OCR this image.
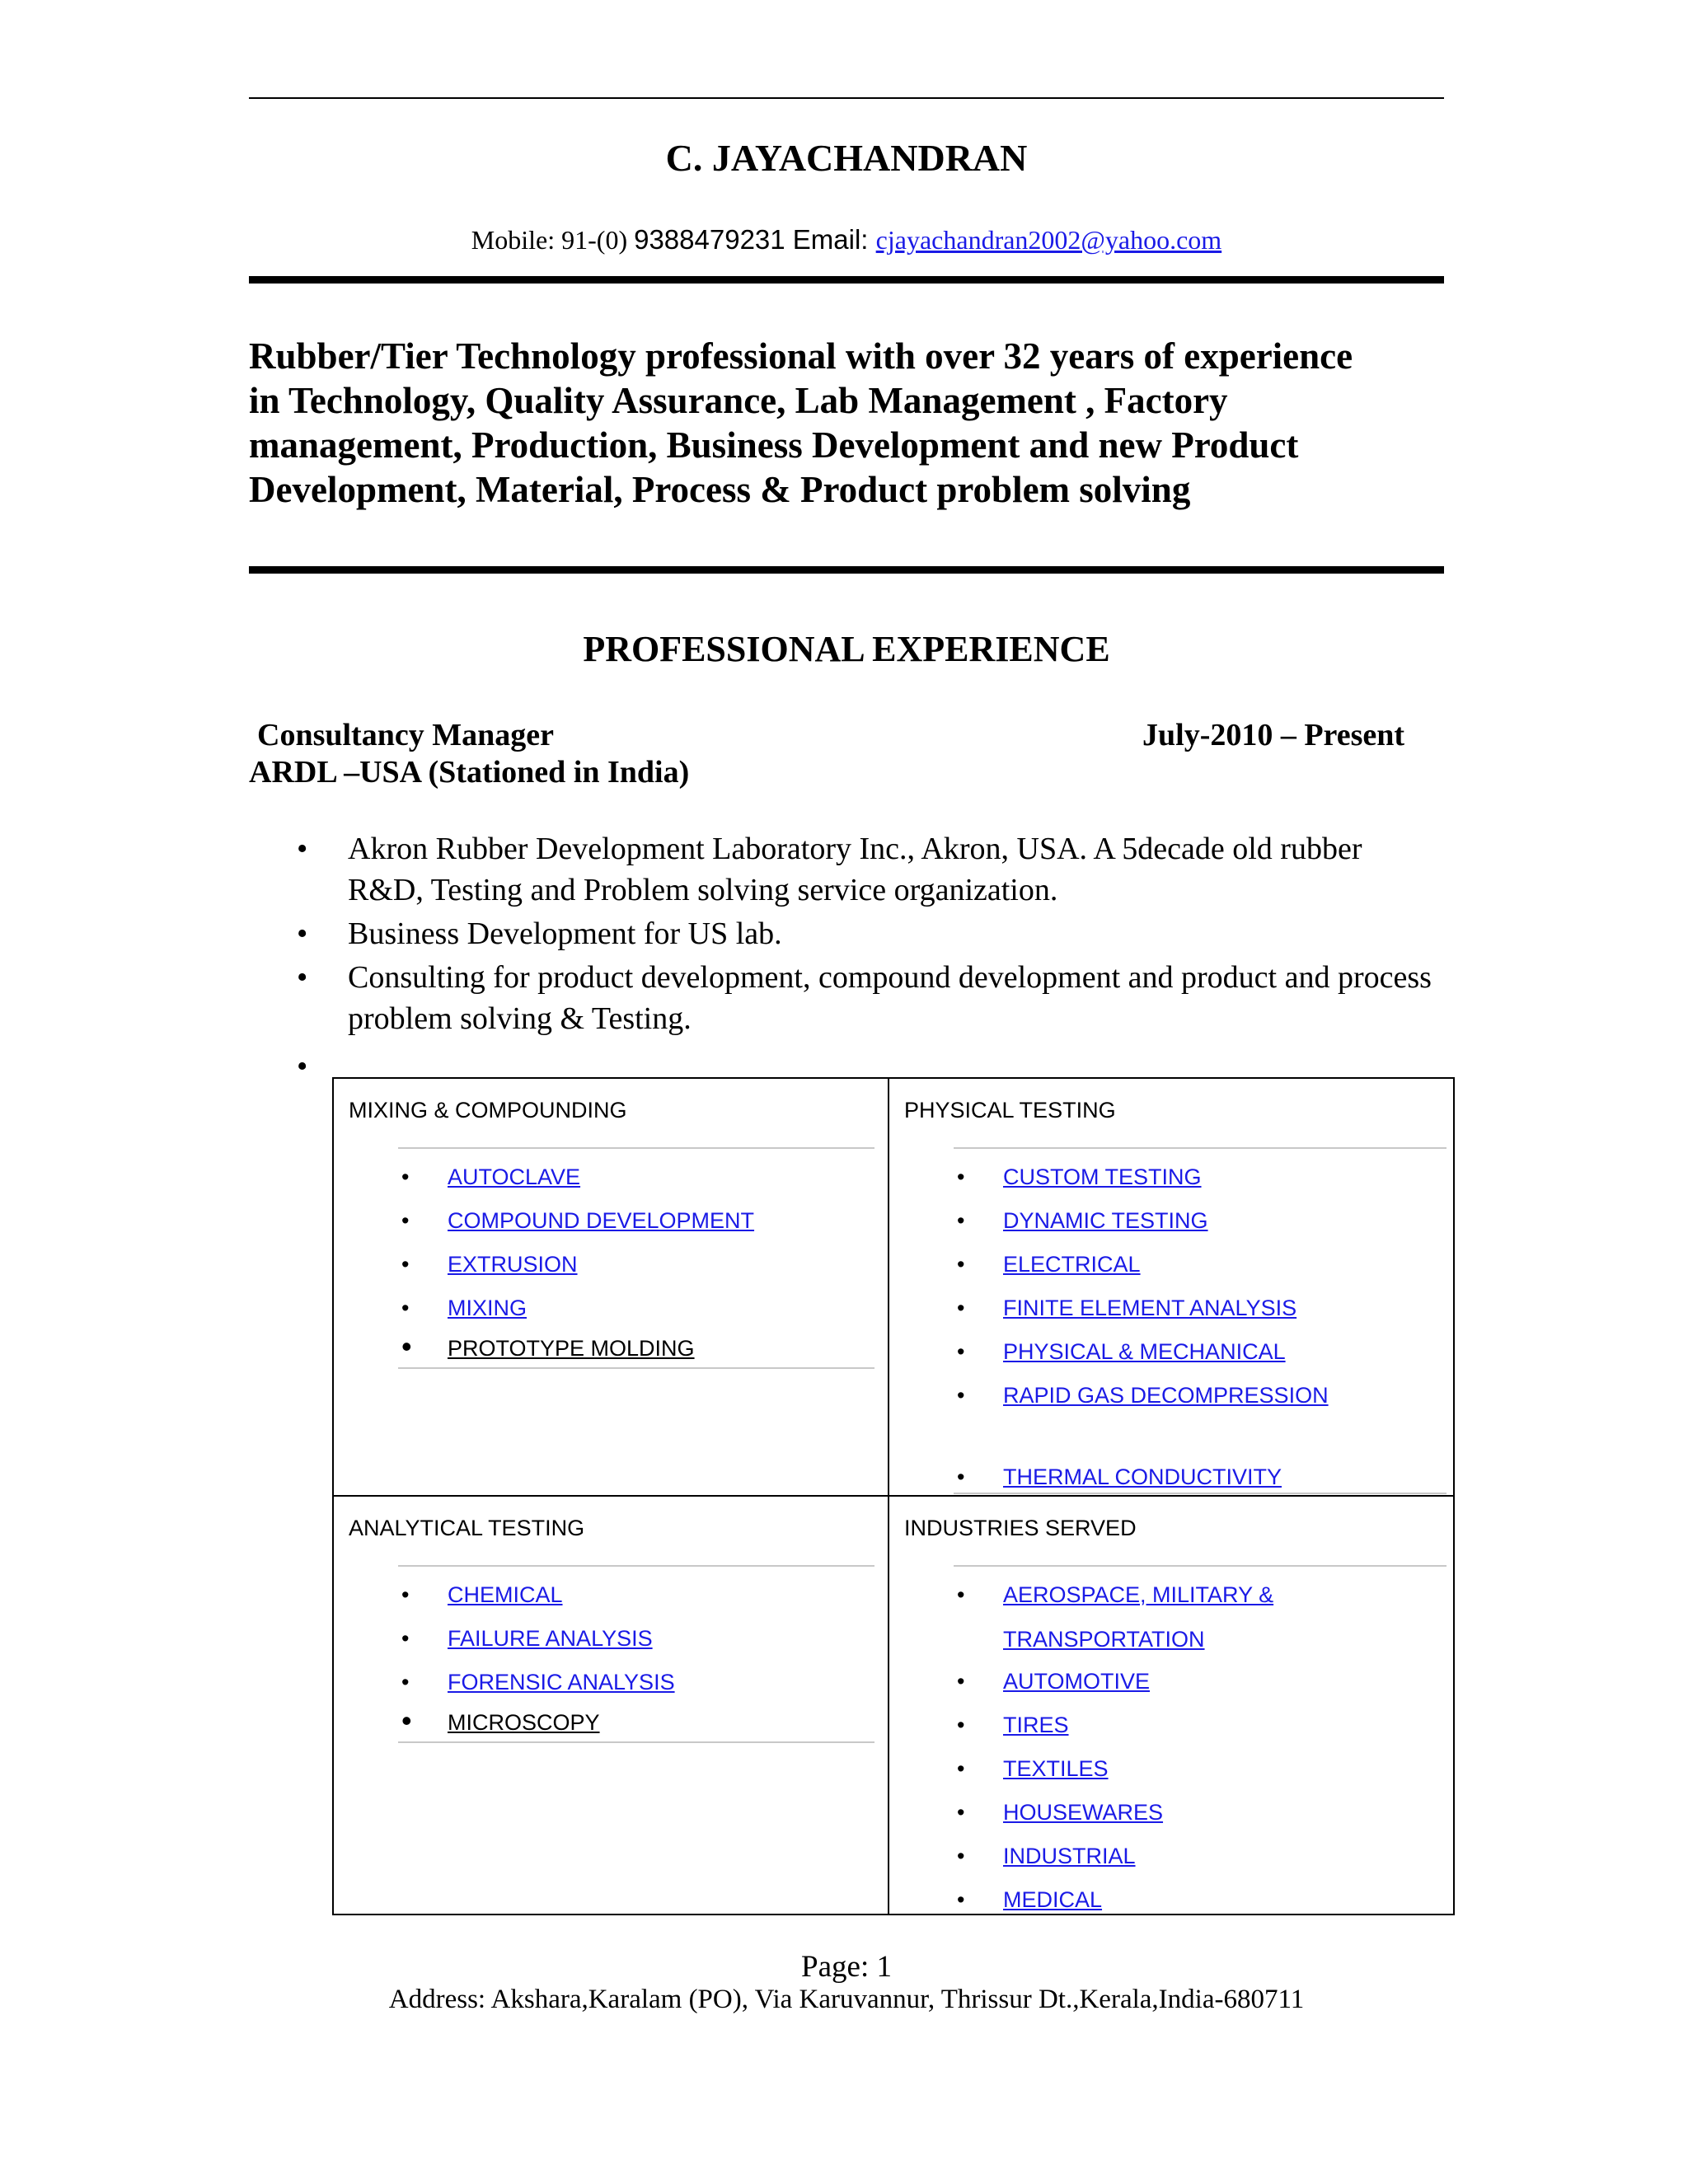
C. JAYACHANDRAN
Mobile: 91-(0) 9388479231 Email: cjayachandran2002@yahoo.com
Rubber/Tier Technology professional with over 32 years of experience
in Technology, Quality Assurance, Lab Management , Factory
management, Production, Business Development and new Product
Development, Material, Process & Product problem solving
PROFESSIONAL EXPERIENCE
Consultancy Manager	July-2010 – Present
ARDL –USA (Stationed in India)
• Akron Rubber Development Laboratory Inc., Akron, USA. A 5decade old rubber R&D, Testing and Problem solving service organization.
• Business Development for US lab.
• Consulting for product development, compound development and product and process problem solving & Testing.
•
MIXING & COMPOUNDING
• AUTOCLAVE
• COMPOUND DEVELOPMENT
• EXTRUSION
• MIXING
• PROTOTYPE MOLDING
PHYSICAL TESTING
• CUSTOM TESTING
• DYNAMIC TESTING
• ELECTRICAL
• FINITE ELEMENT ANALYSIS
• PHYSICAL & MECHANICAL
• RAPID GAS DECOMPRESSION
• THERMAL CONDUCTIVITY
ANALYTICAL TESTING
• CHEMICAL
• FAILURE ANALYSIS
• FORENSIC ANALYSIS
• MICROSCOPY
INDUSTRIES SERVED
• AEROSPACE, MILITARY &
TRANSPORTATION
• AUTOMOTIVE
• TIRES
• TEXTILES
• HOUSEWARES
• INDUSTRIAL
• MEDICAL
Page: 1
Address: Akshara,Karalam (PO), Via Karuvannur, Thrissur Dt.,Kerala,India-680711
